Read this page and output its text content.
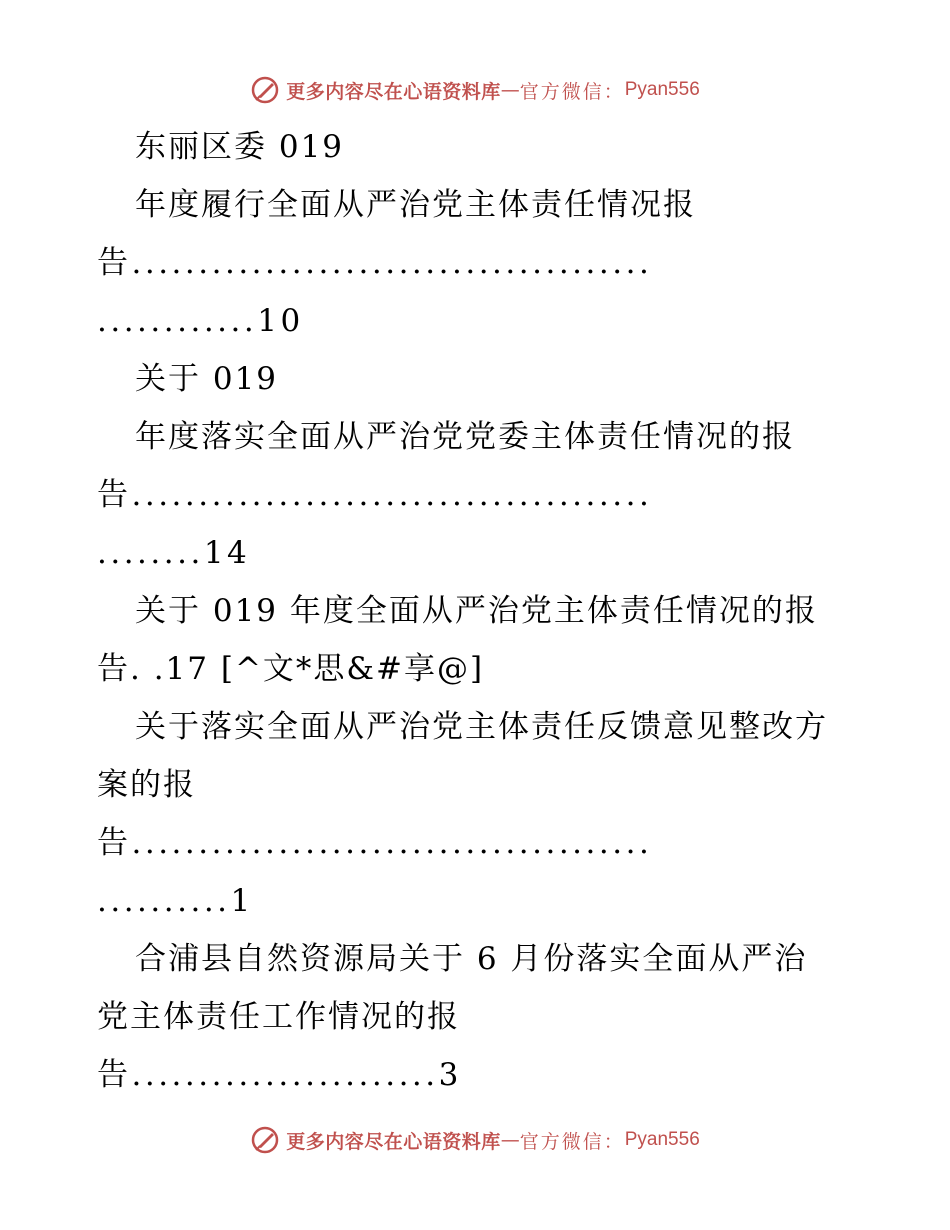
更多内容尽在心语资料库 — 官方微信： Pyan556
东丽区委 019
年度履行全面从严治党主体责任情况报
告.......................................
............10
关于 019
年度落实全面从严治党党委主体责任情况的报
告.......................................
........14
关于 019 年度全面从严治党主体责任情况的报
告. .17 [^文*思&#享@]
关于落实全面从严治党主体责任反馈意见整改方
案的报
告.......................................
..........1
合浦县自然资源局关于 6 月份落实全面从严治
党主体责任工作情况的报
告.......................3
更多内容尽在心语资料库 — 官方微信： Pyan556
